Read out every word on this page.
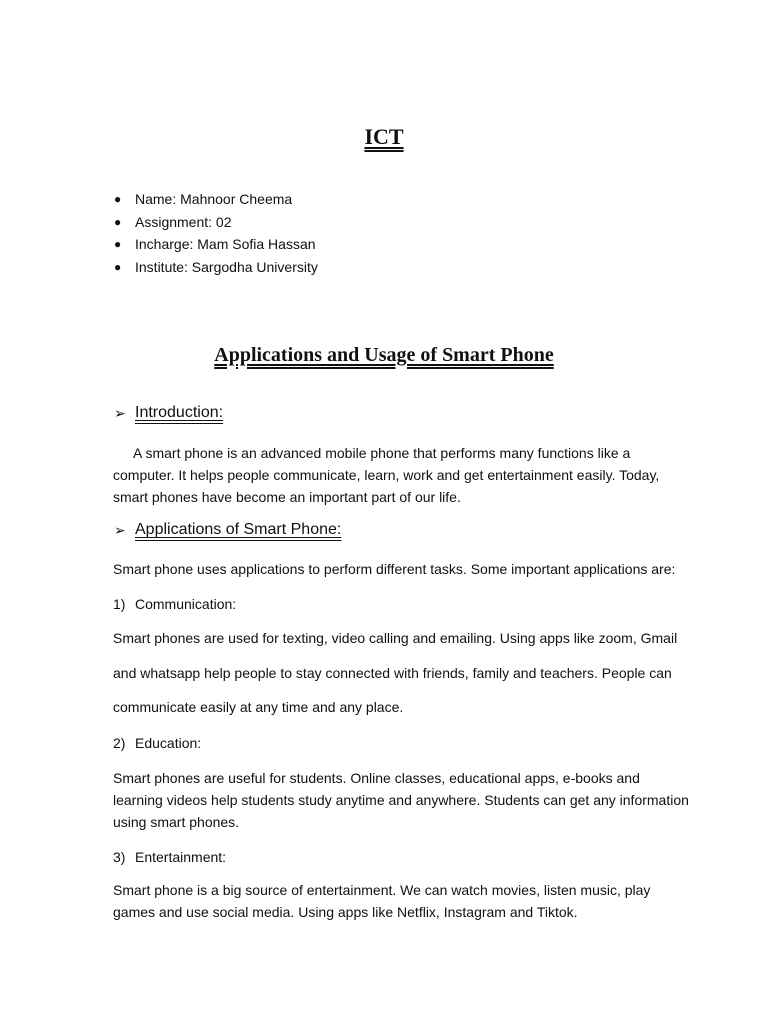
ICT
● Name: Mahnoor Cheema
● Assignment: 02
● Incharge: Mam Sofia Hassan
● Institute: Sargodha University
Applications and Usage of Smart Phone
➢ Introduction:

A smart phone is an advanced mobile phone that performs many functions like a computer. It helps people communicate, learn, work and get entertainment easily. Today, smart phones have become an important part of our life.

➢ Applications of Smart Phone:

Smart phone uses applications to perform different tasks. Some important applications are:

1) Communication:

Smart phones are used for texting, video calling and emailing. Using apps like zoom, Gmail and whatsapp help people to stay connected with friends, family and teachers. People can communicate easily at any time and any place.

2) Education:

Smart phones are useful for students. Online classes, educational apps, e-books and learning videos help students study anytime and anywhere. Students can get any information using smart phones.

3) Entertainment:

Smart phone is a big source of entertainment. We can watch movies, listen music, play games and use social media. Using apps like Netflix, Instagram and Tiktok.
